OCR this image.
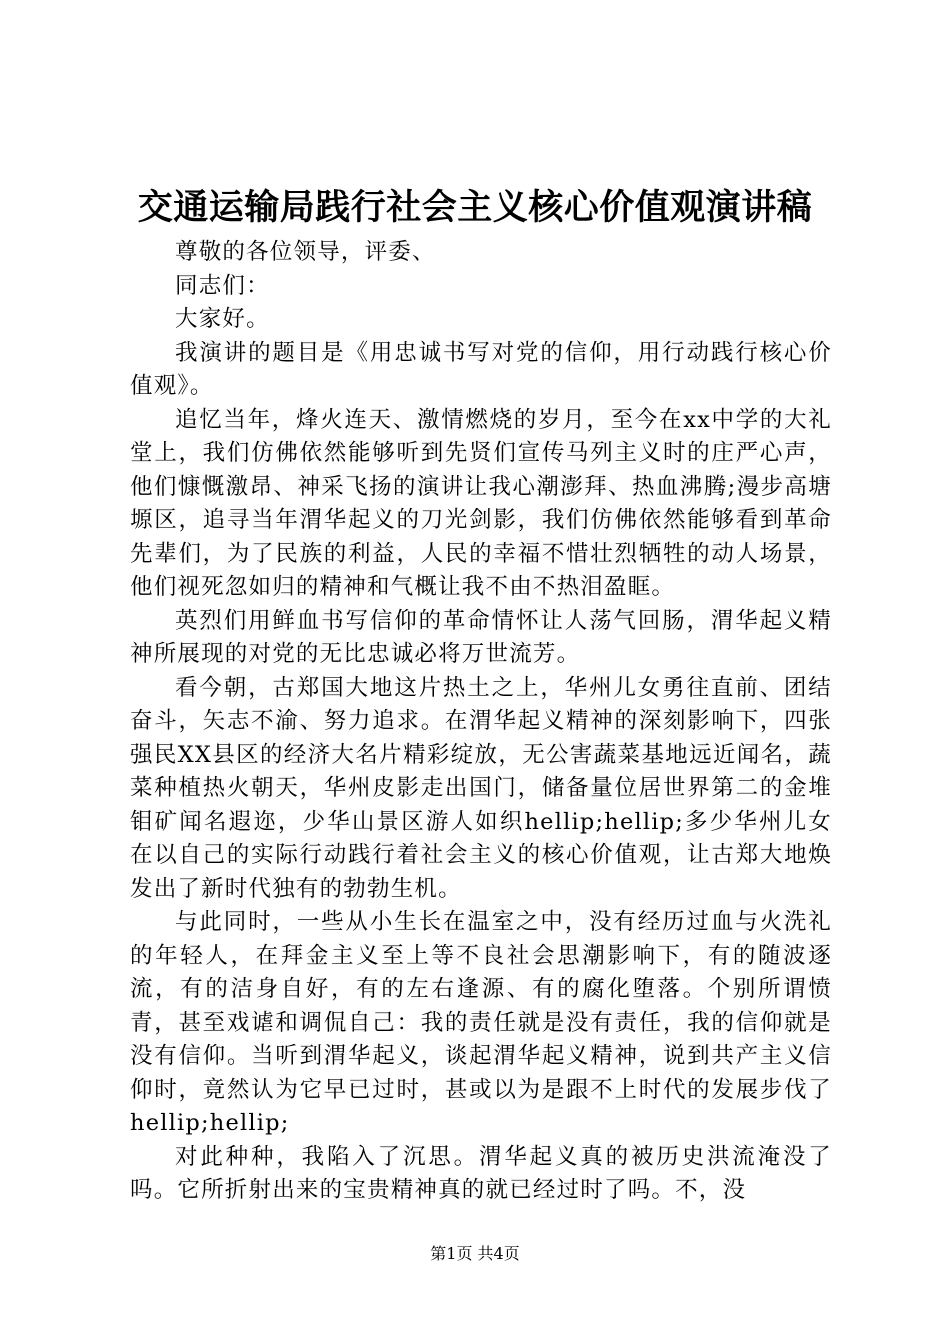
交通运输局践行社会主义核心价值观演讲稿

尊敬的各位领导，评委、

同志们：

大家好。

我演讲的题目是《用忠诚书写对党的信仰，用行动践行核心价值观》。

追忆当年，烽火连天、激情燃烧的岁月，至今在xx中学的大礼堂上，我们仿佛依然能够听到先贤们宣传马列主义时的庄严心声，他们慷慨激昂、神采飞扬的演讲让我心潮澎拜、热血沸腾;漫步高塘塬区，追寻当年渭华起义的刀光剑影，我们仿佛依然能够看到革命先辈们，为了民族的利益，人民的幸福不惜壮烈牺牲的动人场景，他们视死忽如归的精神和气概让我不由不热泪盈眶。

英烈们用鲜血书写信仰的革命情怀让人荡气回肠，渭华起义精神所展现的对党的无比忠诚必将万世流芳。

看今朝，古郑国大地这片热土之上，华州儿女勇往直前、团结奋斗，矢志不渝、努力追求。在渭华起义精神的深刻影响下，四张强民XX县区的经济大名片精彩绽放，无公害蔬菜基地远近闻名，蔬菜种植热火朝天，华州皮影走出国门，储备量位居世界第二的金堆钼矿闻名遐迩，少华山景区游人如织hellip;hellip;多少华州儿女在以自己的实际行动践行着社会主义的核心价值观，让古郑大地焕发出了新时代独有的勃勃生机。

与此同时，一些从小生长在温室之中，没有经历过血与火洗礼的年轻人，在拜金主义至上等不良社会思潮影响下，有的随波逐流，有的洁身自好，有的左右逢源、有的腐化堕落。个别所谓愤青，甚至戏谑和调侃自己：我的责任就是没有责任，我的信仰就是没有信仰。当听到渭华起义，谈起渭华起义精神，说到共产主义信仰时，竟然认为它早已过时，甚或以为是跟不上时代的发展步伐了hellip;hellip;

对此种种，我陷入了沉思。渭华起义真的被历史洪流淹没了吗。它所折射出来的宝贵精神真的就已经过时了吗。不，没

第1页 共4页
